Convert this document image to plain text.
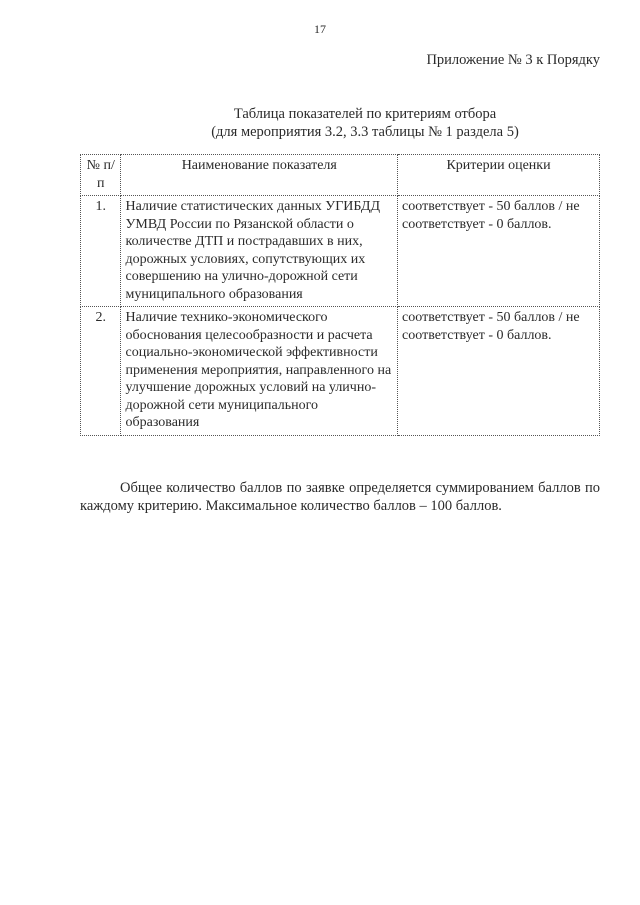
17
Приложение № 3 к Порядку
Таблица показателей по критериям отбора
(для мероприятия 3.2, 3.3 таблицы № 1 раздела 5)
№ п/п	Наименование показателя	Критерии оценки
1.	Наличие статистических данных УГИБДД УМВД России по Рязанской области о количестве ДТП и пострадавших в них, дорожных условиях, сопутствующих их совершению на улично-дорожной сети муниципального образования	соответствует - 50 баллов / не соответствует - 0 баллов.
2.	Наличие технико-экономического обоснования целесообразности и расчета социально-экономической эффективности применения мероприятия, направленного на улучшение дорожных условий на улично-дорожной сети муниципального образования	соответствует - 50 баллов / не соответствует - 0 баллов.
Общее количество баллов по заявке определяется суммированием баллов по каждому критерию. Максимальное количество баллов – 100 баллов.
